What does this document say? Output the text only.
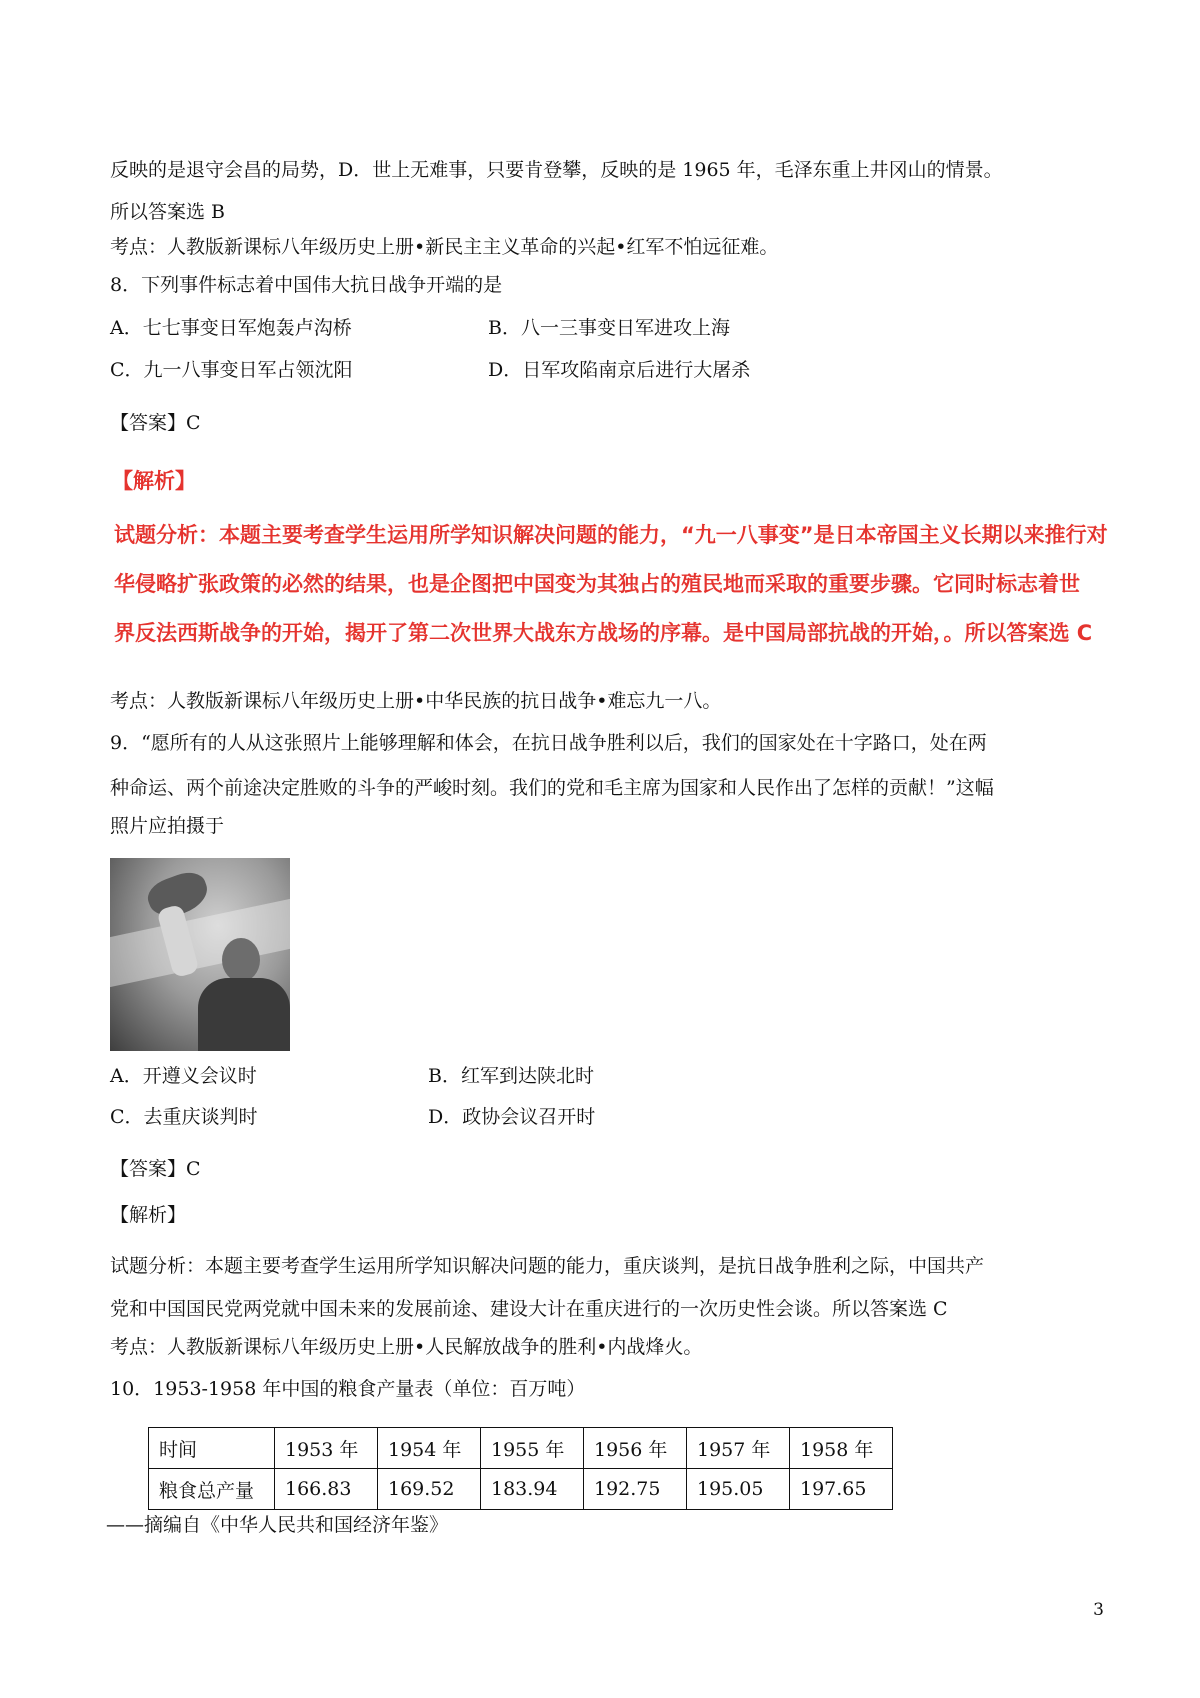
反映的是退守会昌的局势，D．世上无难事，只要肯登攀，反映的是 1965 年，毛泽东重上井冈山的情景。
所以答案选 B
考点：人教版新课标八年级历史上册•新民主主义革命的兴起•红军不怕远征难。
8．下列事件标志着中国伟大抗日战争开端的是
A．七七事变日军炮轰卢沟桥	B．八一三事变日军进攻上海
C．九一八事变日军占领沈阳	D．日军攻陷南京后进行大屠杀
【答案】C
【解析】
试题分析：本题主要考查学生运用所学知识解决问题的能力，“九一八事变”是日本帝国主义长期以来推行对
华侵略扩张政策的必然的结果，也是企图把中国变为其独占的殖民地而采取的重要步骤。它同时标志着世
界反法西斯战争的开始，揭开了第二次世界大战东方战场的序幕。是中国局部抗战的开始，。所以答案选 C
考点：人教版新课标八年级历史上册•中华民族的抗日战争•难忘九一八。
9．“愿所有的人从这张照片上能够理解和体会，在抗日战争胜利以后，我们的国家处在十字路口，处在两
种命运、两个前途决定胜败的斗争的严峻时刻。我们的党和毛主席为国家和人民作出了怎样的贡献！”这幅
照片应拍摄于
A．开遵义会议时	B．红军到达陕北时
C．去重庆谈判时	D．政协会议召开时
【答案】C
【解析】
试题分析：本题主要考查学生运用所学知识解决问题的能力，重庆谈判，是抗日战争胜利之际，中国共产
党和中国国民党两党就中国未来的发展前途、建设大计在重庆进行的一次历史性会谈。所以答案选 C
考点：人教版新课标八年级历史上册•人民解放战争的胜利•内战烽火。
10．1953-1958 年中国的粮食产量表（单位：百万吨）
时间	1953 年	1954 年	1955 年	1956 年	1957 年	1958 年
粮食总产量	166.83	169.52	183.94	192.75	195.05	197.65
——摘编自《中华人民共和国经济年鉴》
3
